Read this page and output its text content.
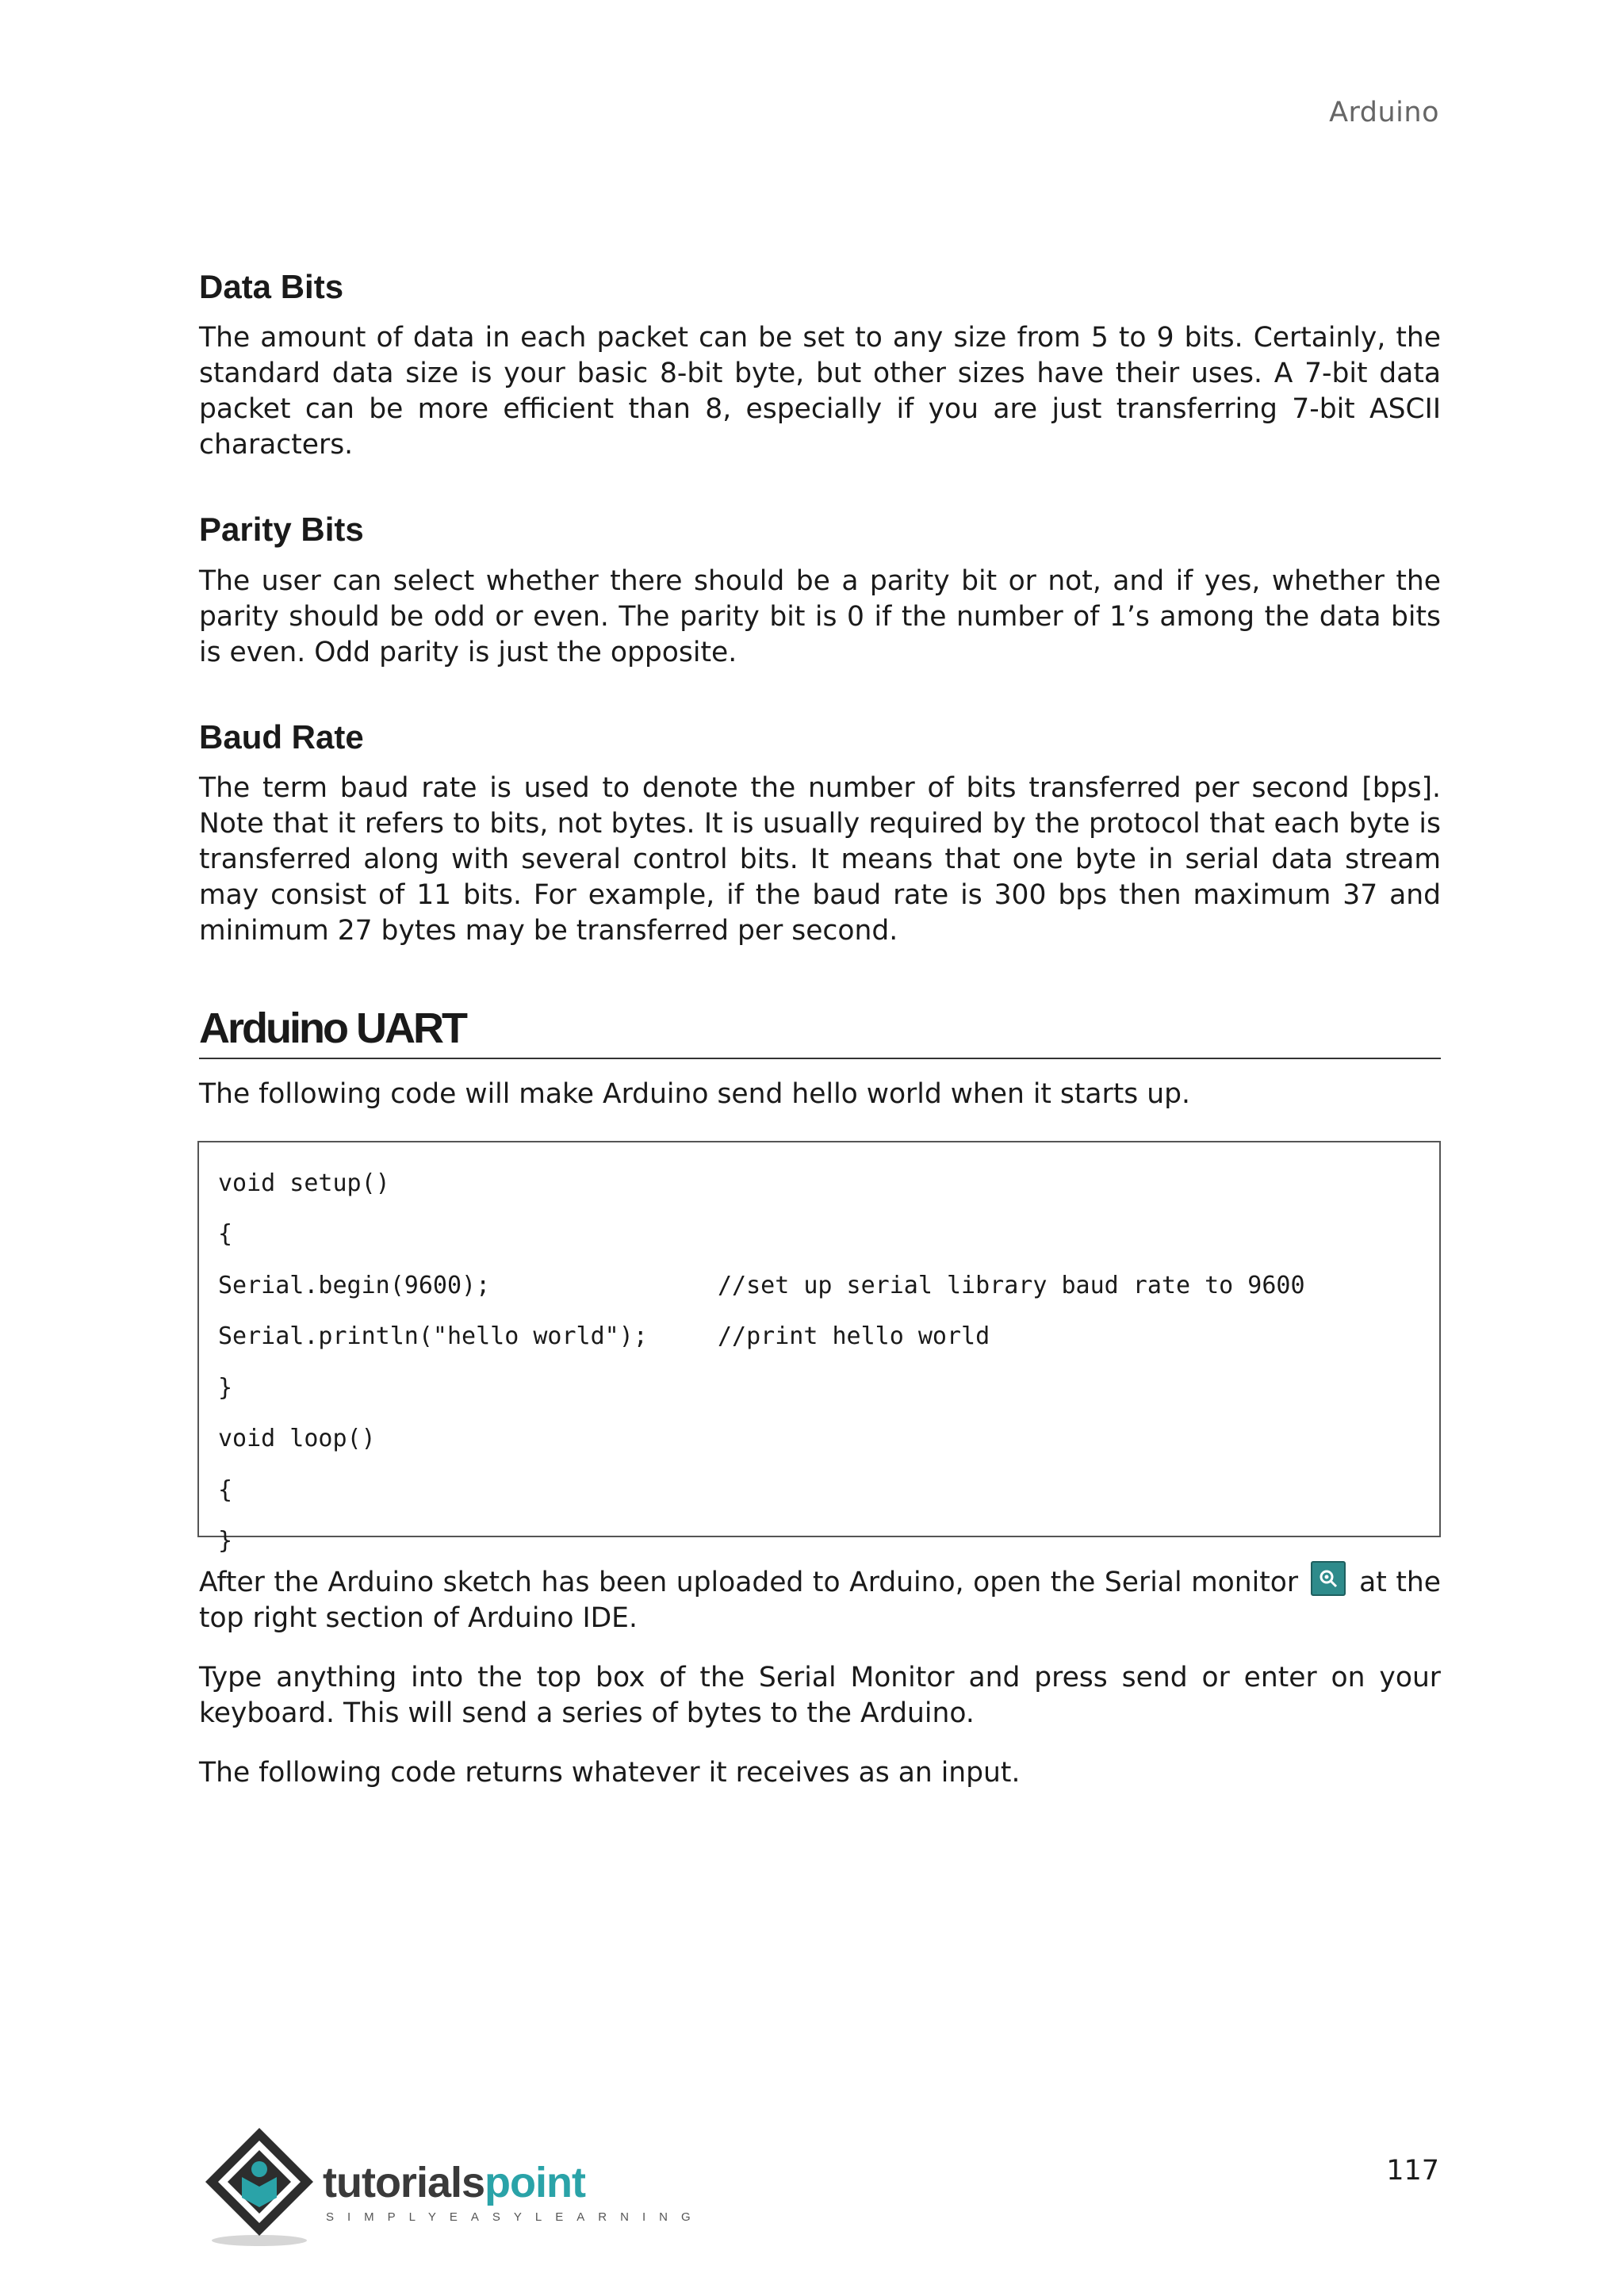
Arduino
Data Bits

The amount of data in each packet can be set to any size from 5 to 9 bits. Certainly, the standard data size is your basic 8-bit byte, but other sizes have their uses. A 7-bit data packet can be more efficient than 8, especially if you are just transferring 7-bit ASCII characters.

Parity Bits

The user can select whether there should be a parity bit or not, and if yes, whether the parity should be odd or even. The parity bit is 0 if the number of 1’s among the data bits is even. Odd parity is just the opposite.

Baud Rate

The term baud rate is used to denote the number of bits transferred per second [bps]. Note that it refers to bits, not bytes. It is usually required by the protocol that each byte is transferred along with several control bits. It means that one byte in serial data stream may consist of 11 bits. For example, if the baud rate is 300 bps then maximum 37 and minimum 27 bytes may be transferred per second.

Arduino UART

The following code will make Arduino send hello world when it starts up.

void setup()
{
Serial.begin(9600);	//set up serial library baud rate to 9600
Serial.println("hello world");	//print hello world
}
void loop()
{
}

After the Arduino sketch has been uploaded to Arduino, open the Serial monitor at the top right section of Arduino IDE.

Type anything into the top box of the Serial Monitor and press send or enter on your keyboard. This will send a series of bytes to the Arduino.

The following code returns whatever it receives as an input.

tutorialspoint
SIMPLYEASYLEARNING
117
